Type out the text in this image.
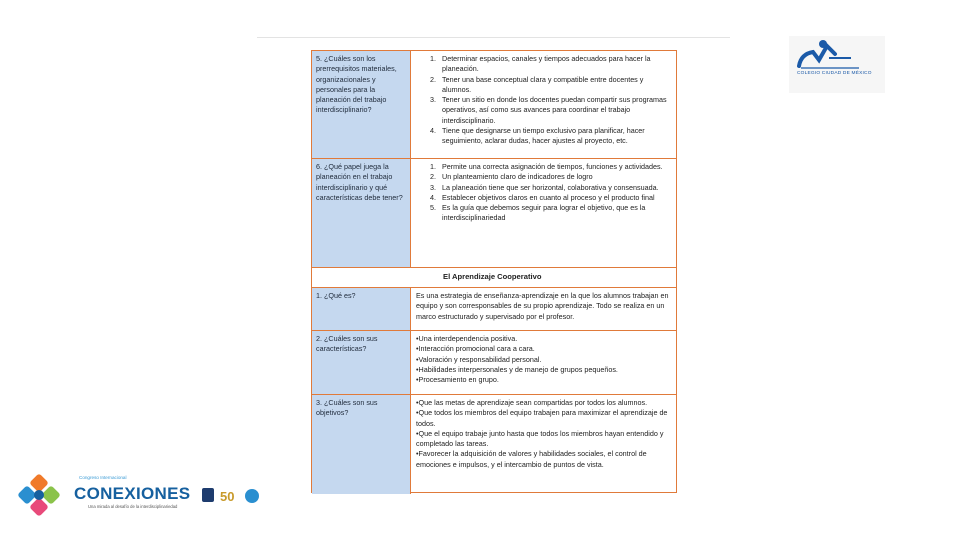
5. ¿Cuáles son los prerrequisitos materiales, organizacionales y personales para la planeación del trabajo interdisciplinario?
1. Determinar espacios, canales y tiempos adecuados para hacer la planeación.
2. Tener una base conceptual clara y compatible entre docentes y alumnos.
3. Tener un sitio en donde los docentes puedan compartir sus programas operativos, así como sus avances para coordinar el trabajo interdisciplinario.
4. Tiene que designarse un tiempo exclusivo para planificar, hacer seguimiento, aclarar dudas, hacer ajustes al proyecto, etc.
6. ¿Qué papel juega la planeación en el trabajo interdisciplinario y qué características debe tener?
1. Permite una correcta asignación de tiempos, funciones y actividades.
2. Un planteamiento claro de indicadores de logro
3. La planeación tiene que ser horizontal, colaborativa y consensuada.
4. Establecer objetivos claros en cuanto al proceso y el producto final
5. Es la guía que debemos seguir para lograr el objetivo, que es la interdisciplinariedad
El Aprendizaje Cooperativo
1. ¿Qué es?	Es una estrategia de enseñanza-aprendizaje en la que los alumnos trabajan en equipo y son corresponsables de su propio aprendizaje. Todo se realiza en un marco estructurado y supervisado por el profesor.
2. ¿Cuáles son sus características?
•Una interdependencia positiva.
•Interacción promocional cara a cara.
•Valoración y responsabilidad personal.
•Habilidades interpersonales y de manejo de grupos pequeños.
•Procesamiento en grupo.
3. ¿Cuáles son sus objetivos?
•Que las metas de aprendizaje sean compartidas por todos los alumnos.
•Que todos los miembros del equipo trabajen para maximizar el aprendizaje de todos.
•Que el equipo trabaje junto hasta que todos los miembros hayan entendido y completado las tareas.
•Favorecer la adquisición de valores y habilidades sociales, el control de emociones e impulsos, y el intercambio de puntos de vista.
COLEGIO CIUDAD DE MÉXICO
Congreso Internacional
CONEXIONES
Una mirada al desafío de la interdisciplinariedad
50
